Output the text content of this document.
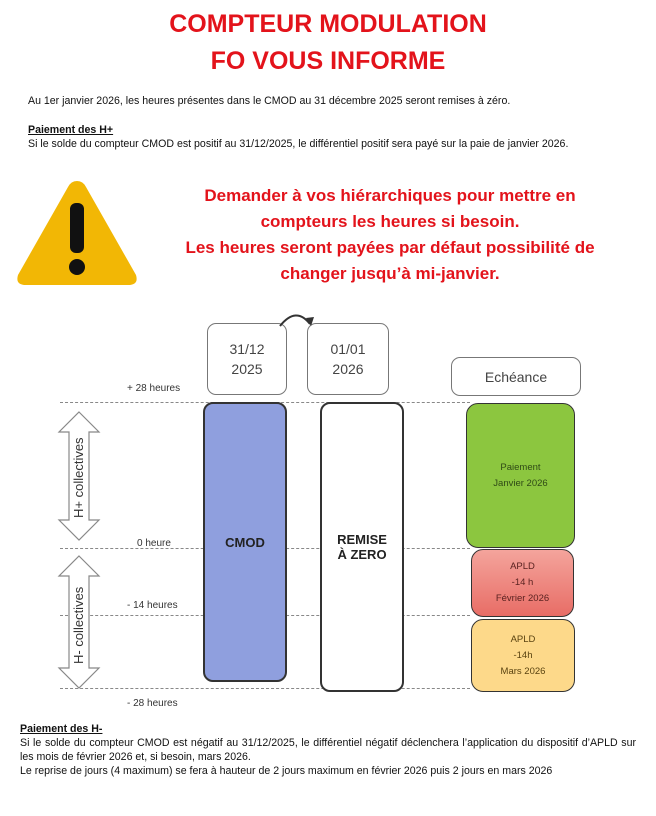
COMPTEUR MODULATION
FO VOUS INFORME
Au 1er janvier 2026, les heures présentes dans le CMOD au 31 décembre 2025 seront remises à zéro.
Paiement des H+
Si le solde du compteur CMOD est positif au 31/12/2025, le différentiel positif sera payé sur la paie de janvier 2026.
Demander à vos hiérarchiques pour mettre en
compteurs les heures si besoin.
Les heures seront payées par défaut possibilité de
changer jusqu’à mi-janvier.
31/12
2025
01/01
2026	Echéance
+ 28 heures
0 heure
- 14 heures
- 28 heures
H+ collectives
H- collectives
CMOD	REMISE
À ZERO
Paiement
Janvier 2026
APLD
-14 h
Février 2026
APLD
-14h
Mars 2026
Paiement des H-
Si le solde du compteur CMOD est négatif au 31/12/2025, le différentiel négatif déclenchera l’application du dispositif d’APLD sur les mois de février 2026 et, si besoin, mars 2026.
Le reprise de jours (4 maximum) se fera à hauteur de 2 jours maximum en février 2026 puis 2 jours en mars 2026
